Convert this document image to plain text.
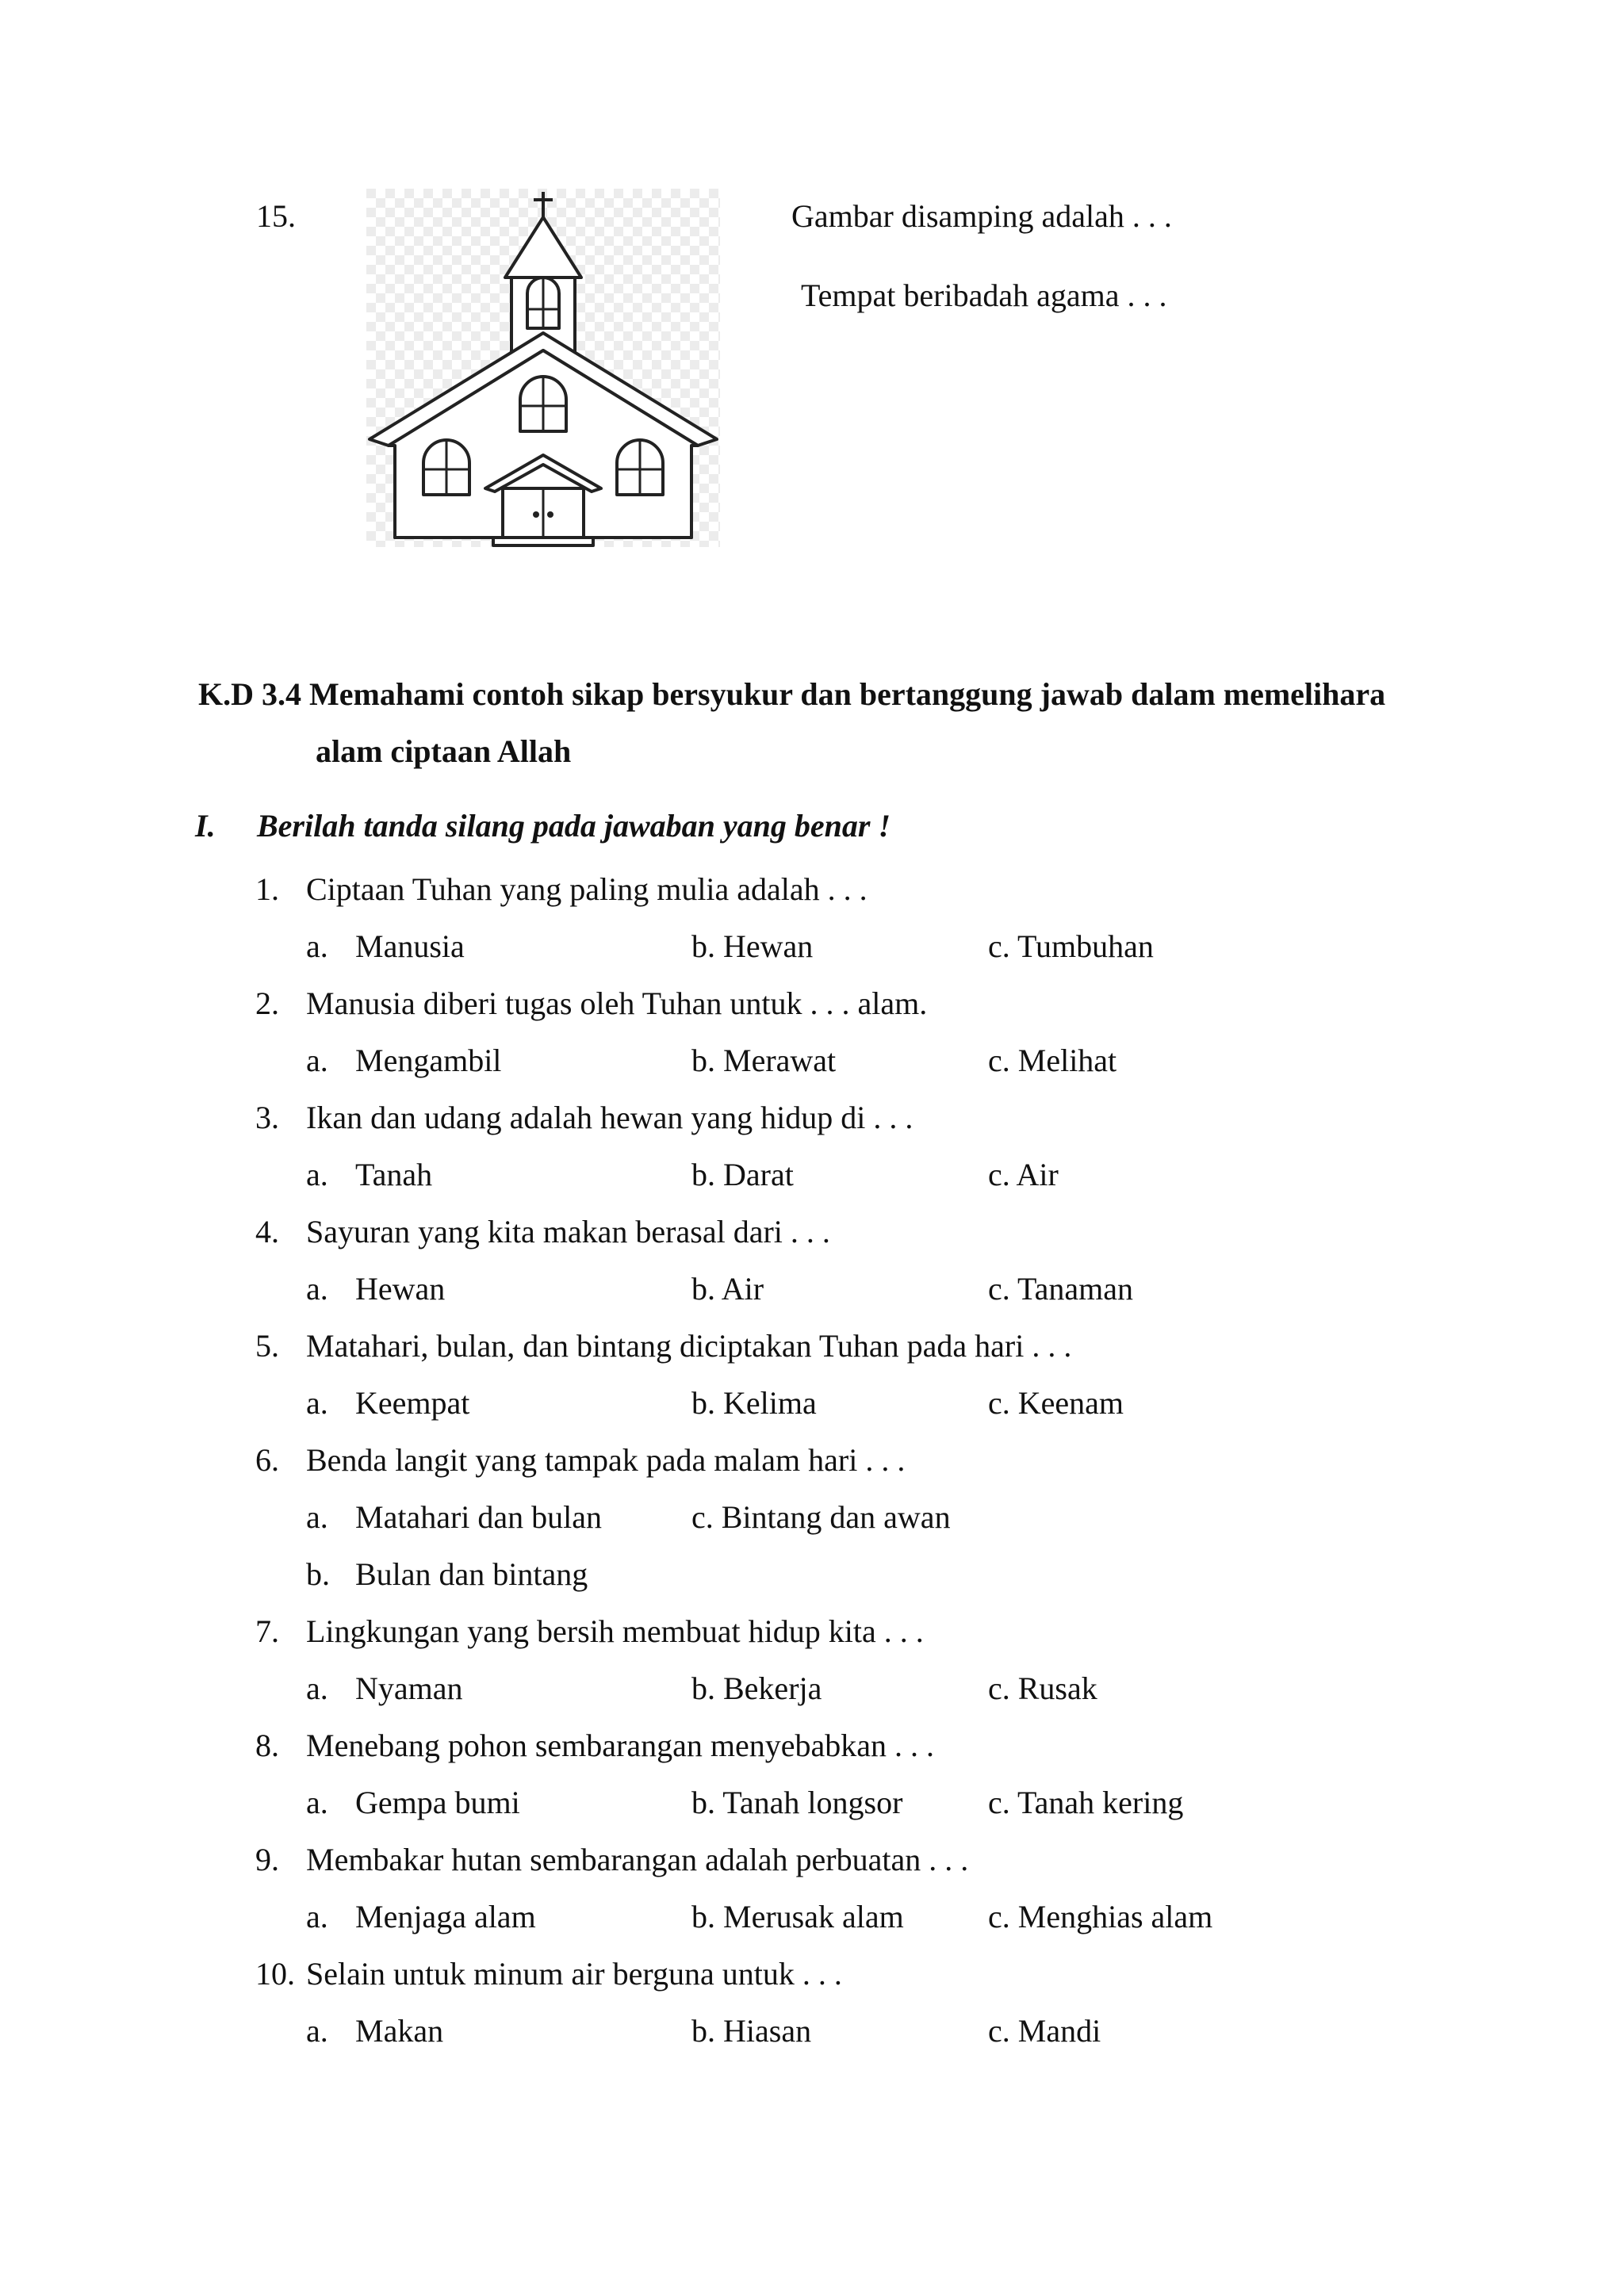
15.	Gambar disamping adalah . . .
Tempat beribadah agama . . .
K.D 3.4 Memahami contoh sikap bersyukur dan bertanggung jawab dalam memelihara
alam ciptaan Allah
I. Berilah tanda silang pada jawaban yang benar !
1. Ciptaan Tuhan yang paling mulia adalah . . .
a. Manusia	b. Hewan	c. Tumbuhan
2. Manusia diberi tugas oleh Tuhan untuk . . . alam.
a. Mengambil	b. Merawat	c. Melihat
3. Ikan dan udang adalah hewan yang hidup di . . .
a. Tanah	b. Darat	c. Air
4. Sayuran yang kita makan berasal dari . . .
a. Hewan	b. Air	c. Tanaman
5. Matahari, bulan, dan bintang diciptakan Tuhan pada hari . . .
a. Keempat	b. Kelima	c. Keenam
6. Benda langit yang tampak pada malam hari . . .
a. Matahari dan bulan	c. Bintang dan awan
b. Bulan dan bintang
7. Lingkungan yang bersih membuat hidup kita . . .
a. Nyaman	b. Bekerja	c. Rusak
8. Menebang pohon sembarangan menyebabkan . . .
a. Gempa bumi	b. Tanah longsor	c. Tanah kering
9. Membakar hutan sembarangan adalah perbuatan . . .
a. Menjaga alam	b. Merusak alam	c. Menghias alam
10. Selain untuk minum air berguna untuk . . .
a. Makan	b. Hiasan	c. Mandi
